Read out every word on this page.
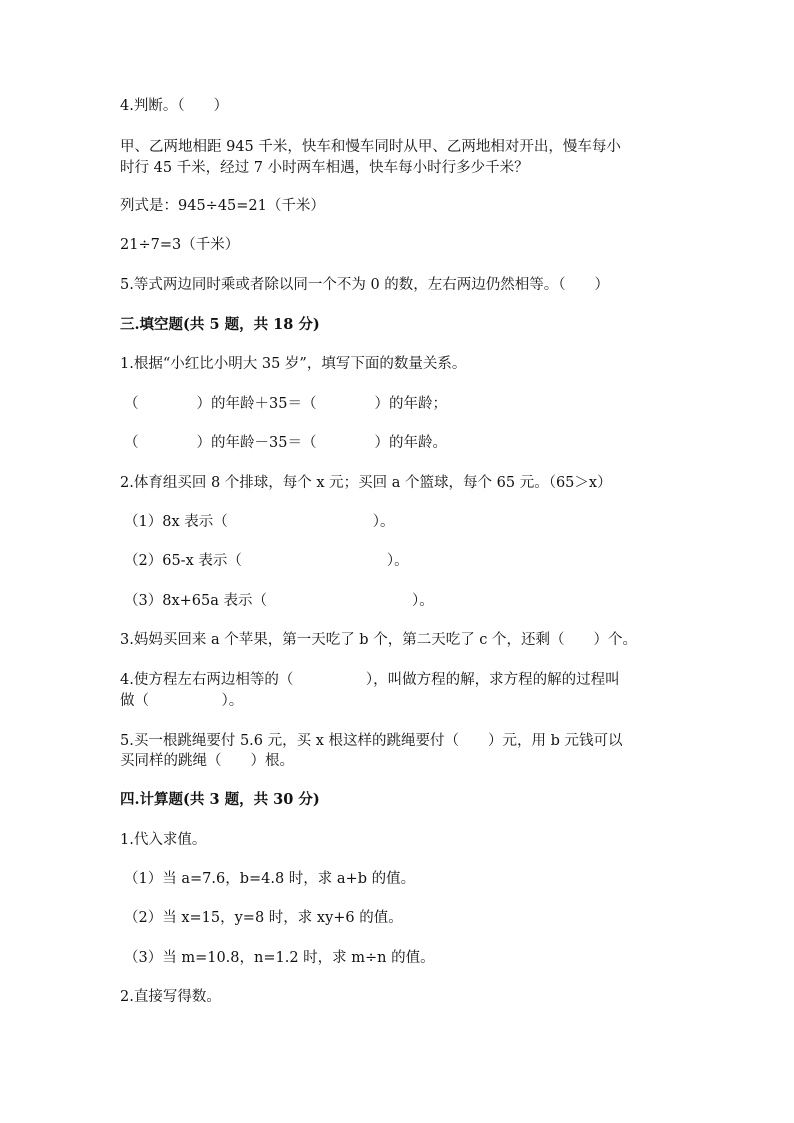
4.判断。（　　）
甲、乙两地相距 945 千米，快车和慢车同时从甲、乙两地相对开出，慢车每小
时行 45 千米，经过 7 小时两车相遇，快车每小时行多少千米？
列式是：945÷45=21（千米）
21÷7=3（千米）
5.等式两边同时乘或者除以同一个不为 0 的数，左右两边仍然相等。（　　）
三.填空题(共 5 题，共 18 分)
1.根据“小红比小明大 35 岁”，填写下面的数量关系。
（　　　　）的年龄＋35＝（　　　　）的年龄；
（　　　　）的年龄－35＝（　　　　）的年龄。
2.体育组买回 8 个排球，每个 x 元；买回 a 个篮球，每个 65 元。（65＞x）
（1）8x 表示（　　　　　　　　　　）。
（2）65-x 表示（　　　　　　　　　　）。
（3）8x+65a 表示（　　　　　　　　　　）。
3.妈妈买回来 a 个苹果，第一天吃了 b 个，第二天吃了 c 个，还剩（　　）个。
4.使方程左右两边相等的（　　　　　），叫做方程的解，求方程的解的过程叫
做（　　　　　）。
5.买一根跳绳要付 5.6 元，买 x 根这样的跳绳要付（　　）元，用 b 元钱可以
买同样的跳绳（　　）根。
四.计算题(共 3 题，共 30 分)
1.代入求值。
（1）当 a=7.6，b=4.8 时，求 a+b 的值。
（2）当 x=15，y=8 时，求 xy+6 的值。
（3）当 m=10.8，n=1.2 时，求 m÷n 的值。
2.直接写得数。
